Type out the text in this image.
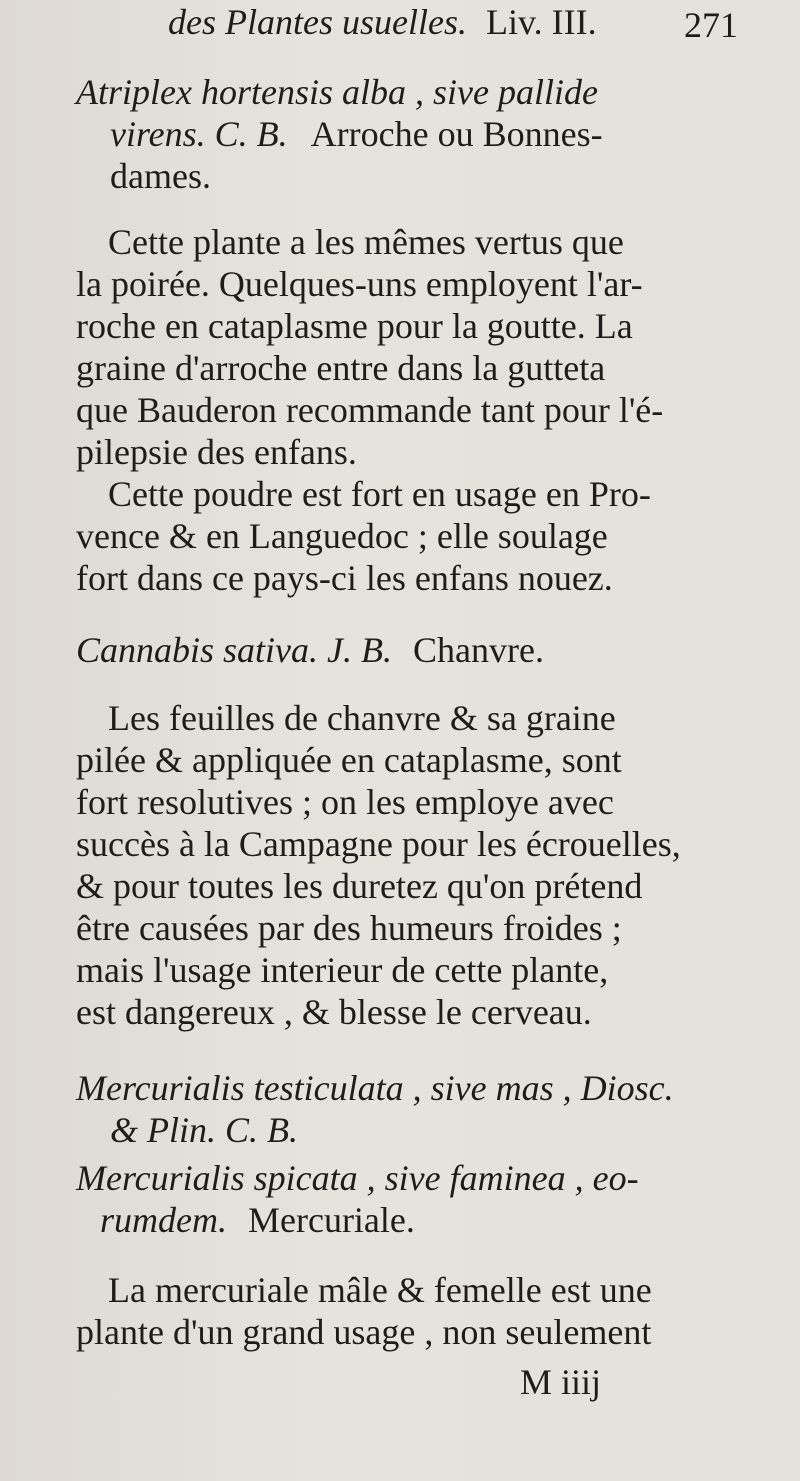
des Plantes usuelles. Liv. III. 271
Atriplex hortensis alba , sive pallide
virens. C. B. Arroche ou Bonnes-
dames.
Cette plante a les mêmes vertus que
la poirée. Quelques-uns employent l'ar-
roche en cataplasme pour la goutte. La
graine d'arroche entre dans la gutteta
que Bauderon recommande tant pour l'é-
pilepsie des enfans.
Cette poudre est fort en usage en Pro-
vence & en Languedoc ; elle soulage
fort dans ce pays-ci les enfans nouez.
Cannabis sativa. J. B. Chanvre.
Les feuilles de chanvre & sa graine
pilée & appliquée en cataplasme, sont
fort resolutives ; on les employe avec
succès à la Campagne pour les écrouelles,
& pour toutes les duretez qu'on prétend
être causées par des humeurs froides ;
mais l'usage interieur de cette plante,
est dangereux , & blesse le cerveau.
Mercurialis testiculata , sive mas , Diosc.
& Plin. C. B.
Mercurialis spicata , sive faminea , eo-
rumdem. Mercuriale.
La mercuriale mâle & femelle est une
plante d'un grand usage , non seulement
M iiij
